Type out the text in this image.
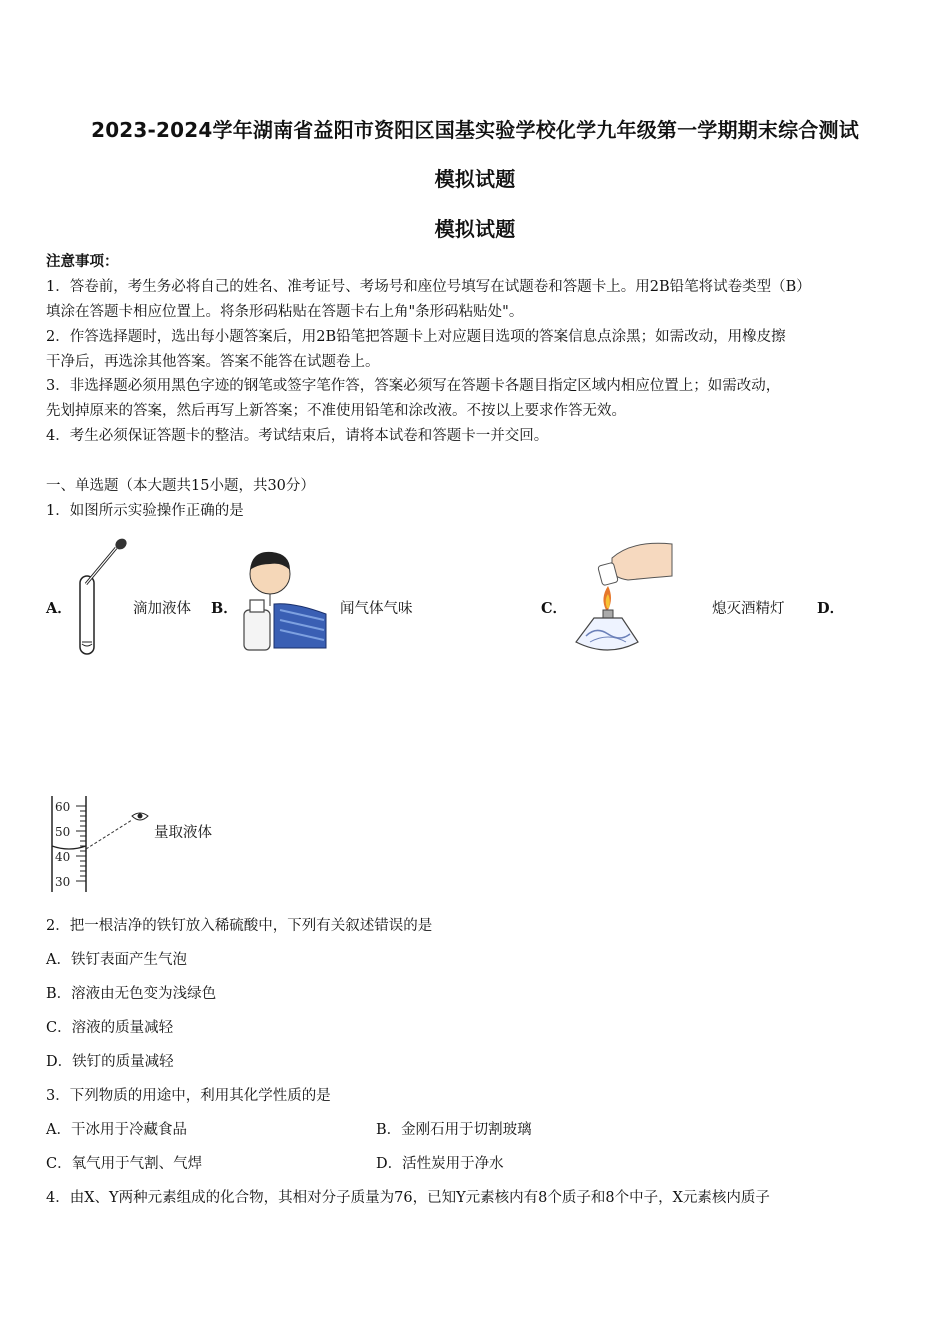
2023-2024学年湖南省益阳市资阳区国基实验学校化学九年级第一学期期末综合测试
模拟试题
模拟试题
注意事项：
1．答卷前，考生务必将自己的姓名、准考证号、考场号和座位号填写在试题卷和答题卡上。用2B铅笔将试卷类型（B）
填涂在答题卡相应位置上。将条形码粘贴在答题卡右上角"条形码粘贴处"。
2．作答选择题时，选出每小题答案后，用2B铅笔把答题卡上对应题目选项的答案信息点涂黑；如需改动，用橡皮擦
干净后，再选涂其他答案。答案不能答在试题卷上。
3．非选择题必须用黑色字迹的钢笔或签字笔作答，答案必须写在答题卡各题目指定区域内相应位置上；如需改动，
先划掉原来的答案，然后再写上新答案；不准使用铅笔和涂改液。不按以上要求作答无效。
4．考生必须保证答题卡的整洁。考试结束后，请将本试卷和答题卡一并交回。
一、单选题（本大题共15小题，共30分）
1．如图所示实验操作正确的是
A．	滴加液体 B．	闻气体气味	C．	熄灭酒精灯 D．
60
50
40
30
量取液体
2．把一根洁净的铁钉放入稀硫酸中，下列有关叙述错误的是
A．铁钉表面产生气泡
B．溶液由无色变为浅绿色
C．溶液的质量减轻
D．铁钉的质量减轻
3．下列物质的用途中，利用其化学性质的是
A．干冰用于冷藏食品	B．金刚石用于切割玻璃
C．氧气用于气割、气焊	D．活性炭用于净水
4．由X、Y两种元素组成的化合物，其相对分子质量为76，已知Y元素核内有8个质子和8个中子，X元素核内质子
